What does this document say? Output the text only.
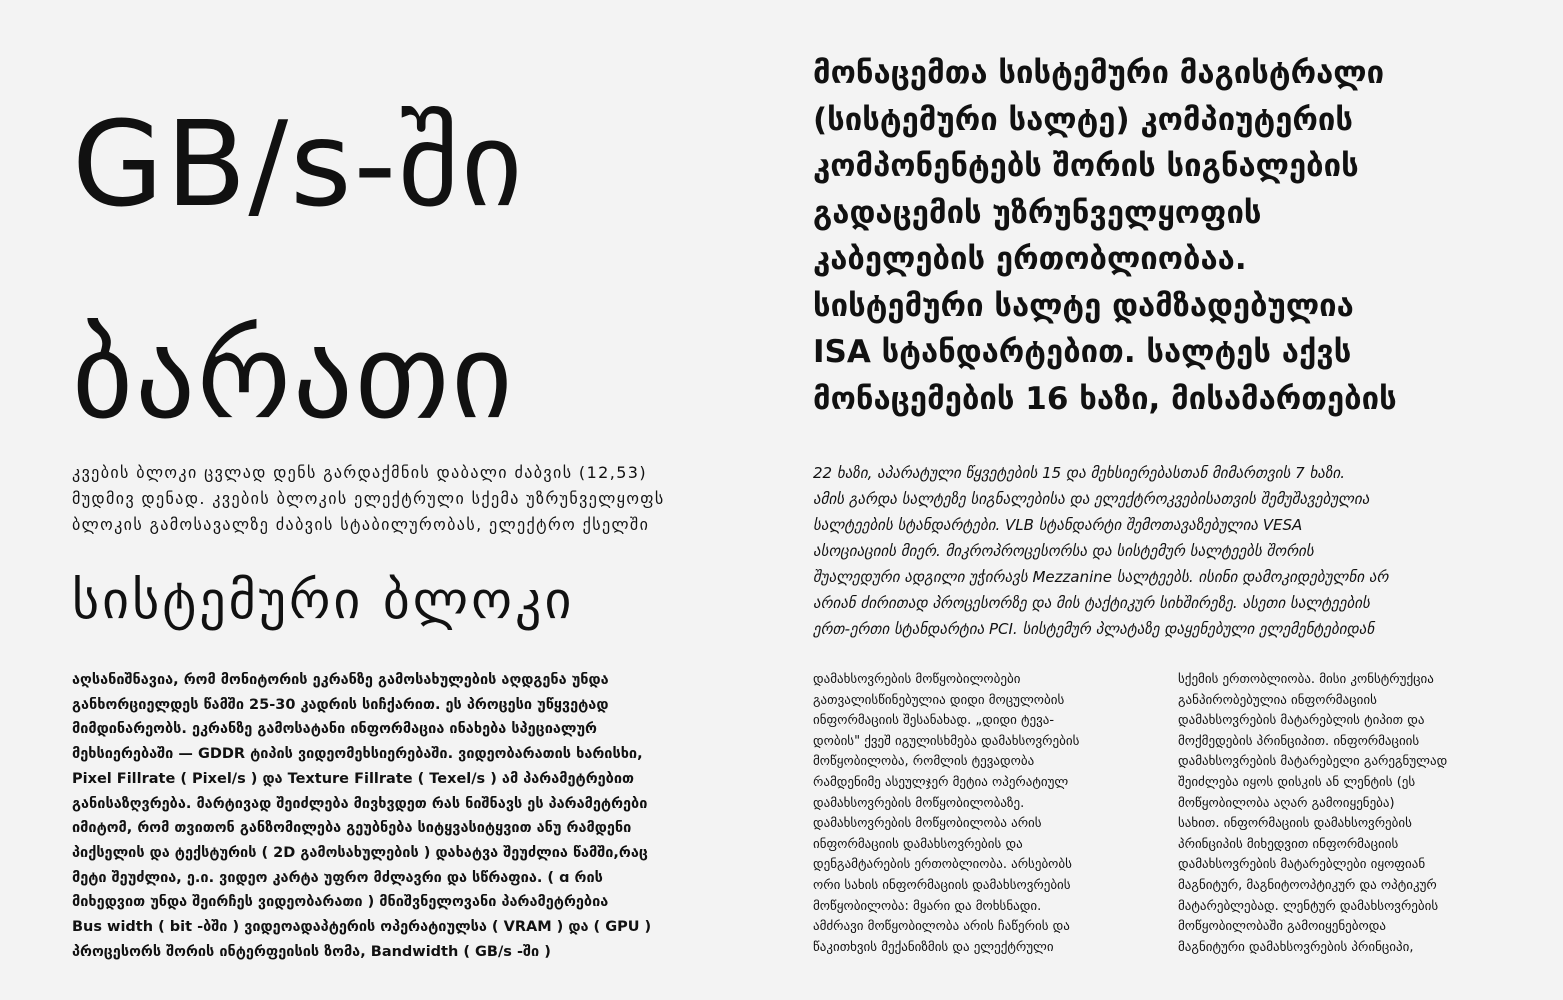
GB/s-ში
ბარათი
მონაცემთა სისტემური მაგისტრალი
(სისტემური სალტე) კომპიუტერის
კომპონენტებს შორის სიგნალების
გადაცემის უზრუნველყოფის
კაბელების ერთობლიობაა.
სისტემური სალტე დამზადებულია
ISA სტანდარტებით. სალტეს აქვს
მონაცემების 16 ხაზი, მისამართების
კვების ბლოკი ცვლად დენს გარდაქმნის დაბალი ძაბვის (12,53)
მუდმივ დენად. კვების ბლოკის ელექტრული სქემა უზრუნველყოფს
ბლოკის გამოსავალზე ძაბვის სტაბილურობას, ელექტრო ქსელში
22 ხაზი, აპარატული წყვეტების 15 და მეხსიერებასთან მიმართვის 7 ხაზი.
ამის გარდა სალტეზე სიგნალებისა და ელექტროკვებისათვის შემუშავებულია
სალტეების სტანდარტები. VLB სტანდარტი შემოთავაზებულია VESA
ასოციაციის მიერ. მიკროპროცესორსა და სისტემურ სალტეებს შორის
შუალედური ადგილი უჭირავს Mezzanine სალტეებს. ისინი დამოკიდებულნი არ
არიან ძირითად პროცესორზე და მის ტაქტიკურ სიხშირეზე. ასეთი სალტეების
ერთ-ერთი სტანდარტია PCI. სისტემურ პლატაზე დაყენებული ელემენტებიდან
სისტემური ბლოკი
აღსანიშნავია, რომ მონიტორის ეკრანზე გამოსახულების აღდგენა უნდა
განხორციელდეს წამში 25-30 კადრის სიჩქარით. ეს პროცესი უწყვეტად
მიმდინარეობს. ეკრანზე გამოსატანი ინფორმაცია ინახება სპეციალურ
მეხსიერებაში — GDDR ტიპის ვიდეომეხსიერებაში. ვიდეობარათის ხარისხი,
Pixel Fillrate ( Pixel/s ) და Texture Fillrate ( Texel/s ) ამ პარამეტრებით
განისაზღვრება. მარტივად შეიძლება მივხვდეთ რას ნიშნავს ეს პარამეტრები
იმიტომ, რომ თვითონ განზომილება გეუბნება სიტყვასიტყვით ანუ რამდენი
პიქსელის და ტექსტურის ( 2D გამოსახულების ) დახატვა შეუძლია წამში,რაც
მეტი შეუძლია, ე.ი. ვიდეო კარტა უფრო მძლავრი და სწრაფია. ( ɑ რის
მიხედვით უნდა შეირჩეს ვიდეობარათი ) მნიშვნელოვანი პარამეტრებია
Bus width ( bit -ბში ) ვიდეოადაპტერის ოპერატიულსა ( VRAM ) და ( GPU )
პროცესორს შორის ინტერფეისის ზომა, Bandwidth ( GB/s -ში )
დამახსოვრების მოწყობილობები
გათვალისწინებულია დიდი მოცულობის
ინფორმაციის შესანახად. „დიდი ტევა-
დობის" ქვეშ იგულისხმება დამახსოვრების
მოწყობილობა, რომლის ტევადობა
რამდენიმე ასეულჯერ მეტია ოპერატიულ
დამახსოვრების მოწყობილობაზე.
დამახსოვრების მოწყობილობა არის
ინფორმაციის დამახსოვრების და
დენგამტარების ერთობლიობა. არსებობს
ორი სახის ინფორმაციის დამახსოვრების
მოწყობილობა: მყარი და მოხსნადი.
ამძრავი მოწყობილობა არის ჩაწერის და
წაკითხვის მექანიზმის და ელექტრული
სქემის ერთობლიობა. მისი კონსტრუქცია
განპირობებულია ინფორმაციის
დამახსოვრების მატარებლის ტიპით და
მოქმედების პრინციპით. ინფორმაციის
დამახსოვრების მატარებელი გარეგნულად
შეიძლება იყოს დისკის ან ლენტის (ეს
მოწყობილობა აღარ გამოიყენება)
სახით. ინფორმაციის დამახსოვრების
პრინციპის მიხედვით ინფორმაციის
დამახსოვრების მატარებლები იყოფიან
მაგნიტურ, მაგნიტოოპტიკურ და ოპტიკურ
მატარებლებად. ლენტურ დამახსოვრების
მოწყობილობაში გამოიყენებოდა
მაგნიტური დამახსოვრების პრინციპი,
